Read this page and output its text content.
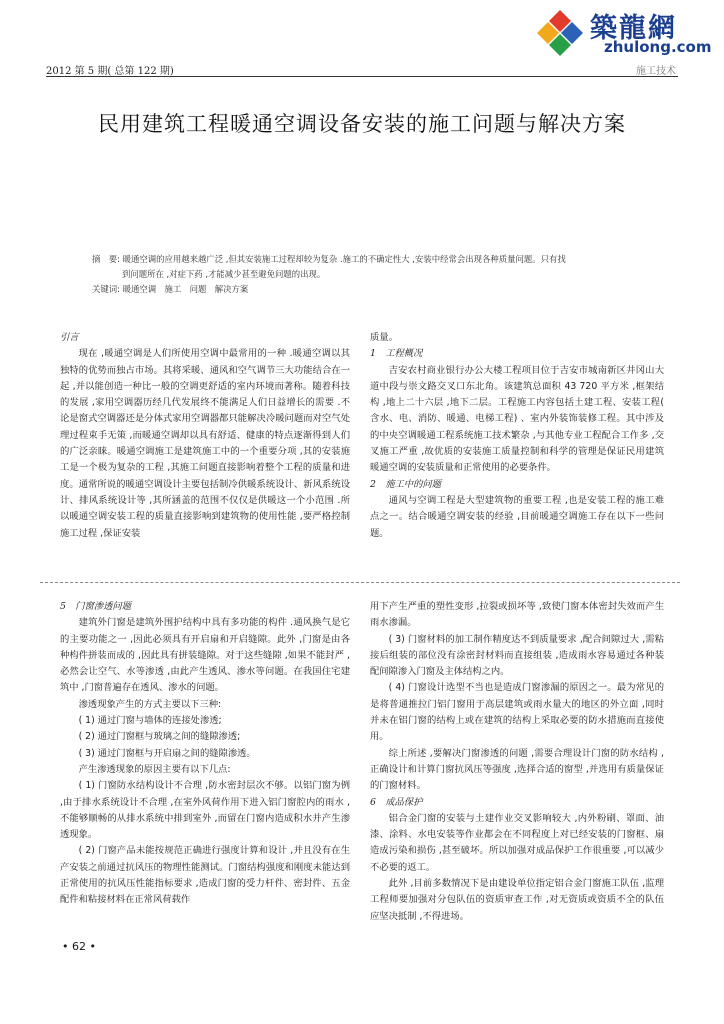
2012 第 5 期( 总第 122 期)	施工技术
築龍網
zhulong.com
民用建筑工程暖通空调设备安装的施工问题与解决方案

摘　要: 暖通空调的应用越来越广泛 ,但其安装施工过程却较为复杂 .施工的不确定性大 ,安装中经常会出现各种质量问题。只有找

到问题所在 ,对症下药 ,才能减少甚至避免问题的出现。

关键词: 暖通空调　施工　问题　解决方案

引言

现在 ,暖通空调是人们所使用空调中最常用的一种 .暖通空调以其独特的优势而独占市场。其将采暖、通风和空气调节三大功能结合在一起 ,并以能创造一种比一般的空调更舒适的室内环境而著称。随着科技的发展 ,家用空调器历经几代发展终不能满足人们日益增长的需要 .不论是窗式空调器还是分体式家用空调器都只能解决冷暖问题而对空气处理过程束手无策 ,而暖通空调却以具有舒适、健康的特点逐渐得到人们的广泛亲睐。暖通空调施工是建筑施工中的一个重要分项 ,其的安装施工是一个极为复杂的工程 ,其施工问题直接影响着整个工程的质量和进度。通常所说的暖通空调设计主要包括制冷供暖系统设计、新风系统设计、排风系统设计等 ,其所涵盖的范围不仅仅是供暖这一个小范围 .所以暖通空调安装工程的质量直接影响到建筑物的使用性能 ,要严格控制施工过程 ,保证安装

质量。

1　工程概况

吉安农村商业银行办公大楼工程项目位于吉安市城南新区井冈山大道中段与崇文路交叉口东北角。该建筑总面积 43 720 平方米 ,框架结构 ,地上二十六层 ,地下二层。工程施工内容包括土建工程、安装工程( 含水、电、消防、暖通、电梯工程) 、室内外装饰装修工程。其中涉及的中央空调暖通工程系统施工技术繁杂 ,与其他专业工程配合工作多 ,交叉施工严重 ,故优质的安装施工质量控制和科学的管理是保证民用建筑暖通空调的安装质量和正常使用的必要条件。

2　施工中的问题

通风与空调工程是大型建筑物的重要工程 ,也是安装工程的施工难点之一。结合暖通空调安装的经验 ,目前暖通空调施工存在以下一些问题。

5　门窗渗透问题

建筑外门窗是建筑外围护结构中具有多功能的构件 .通风换气是它的主要功能之一 ,因此必须具有开启扇和开启缝隙。此外 ,门窗是由各种构件拼装而成的 ,因此具有拼装缝隙。对于这些缝隙 ,如果不能封严 ,必然会让空气、水等渗透 ,由此产生透风、渗水等问题。在我国住宅建筑中 ,门窗普遍存在透风、渗水的问题。

渗透现象产生的方式主要以下三种:

( 1) 通过门窗与墙体的连接处渗透;

( 2) 通过门窗框与玻璃之间的缝隙渗透;

( 3) 通过门窗框与开启扇之间的缝隙渗透。

产生渗透现象的原因主要有以下几点:

( 1) 门窗防水结构设计不合理 ,防水密封层次不够。以铝门窗为例 ,由于排水系统设计不合理 ,在室外风荷作用下进入铝门窗腔内的雨水 ,不能够顺畅的从排水系统中排到室外 ,而留在门窗内造成积水并产生渗透现象。

( 2) 门窗产品未能按规范正确进行强度计算和设计 ,并且没有在生产安装之前通过抗风压的物理性能测试。门窗结构强度和刚度未能达到正常使用的抗风压性能指标要求 ,造成门窗的受力杆件、密封件、五金配件和粘接材料在正常风荷载作

用下产生严重的塑性变形 ,拉裂或损坏等 ,致使门窗本体密封失效而产生雨水渗漏。

( 3) 门窗材料的加工制作精度达不到质量要求 ,配合间隙过大 ,需粘接后组装的部位没有涂密封材料而直接组装 ,造成雨水容易通过各种装配间隙渗入门窗及主体结构之内。

( 4) 门窗设计选型不当也是造成门窗渗漏的原因之一。最为常见的是将普通推拉门铝门窗用于高层建筑或雨水量大的地区的外立面 ,同时并未在铝门窗的结构上或在建筑的结构上采取必要的防水措施而直接使用。

综上所述 ,要解决门窗渗透的问题 ,需要合理设计门窗的防水结构 ,正确设计和计算门窗抗风压等强度 ,选择合适的窗型 ,并选用有质量保证的门窗材料。

6　成品保护

铝合金门窗的安装与土建作业交叉影响较大 ,内外粉刷、罩面、油漆、涂料、水电安装等作业都会在不同程度上对已经安装的门窗框、扇造成污染和损伤 ,甚至破坏。所以加强对成品保护工作很重要 ,可以减少不必要的返工。

此外 ,目前多数情况下是由建设单位指定铝合金门窗施工队伍 ,监理工程师要加强对分包队伍的资质审查工作 ,对无资质或资质不全的队伍应坚决抵制 ,不得进场。

• 62 •
